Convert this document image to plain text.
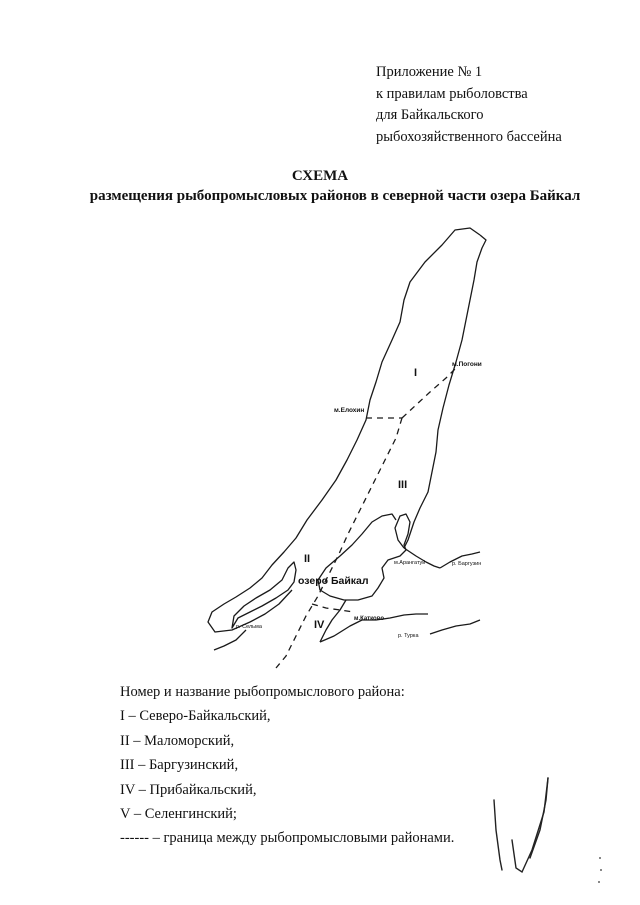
Приложение № 1
к правилам рыболовства
для Байкальского
рыбохозяйственного бассейна
СХЕМА
размещения рыбопромысловых районов в северной части озера Байкал
I
III
II
IV
озеро Байкал
м.Погони
м.Елохин
м.Катково
м.Арангатуй	р. Баргузин
р. Сельма
р. Турка
Номер и название рыбопромыслового района:
I – Северо-Байкальский,
II – Маломорский,
III – Баргузинский,
IV – Прибайкальский,
V – Селенгинский;
------ – граница между рыбопромысловыми районами.
